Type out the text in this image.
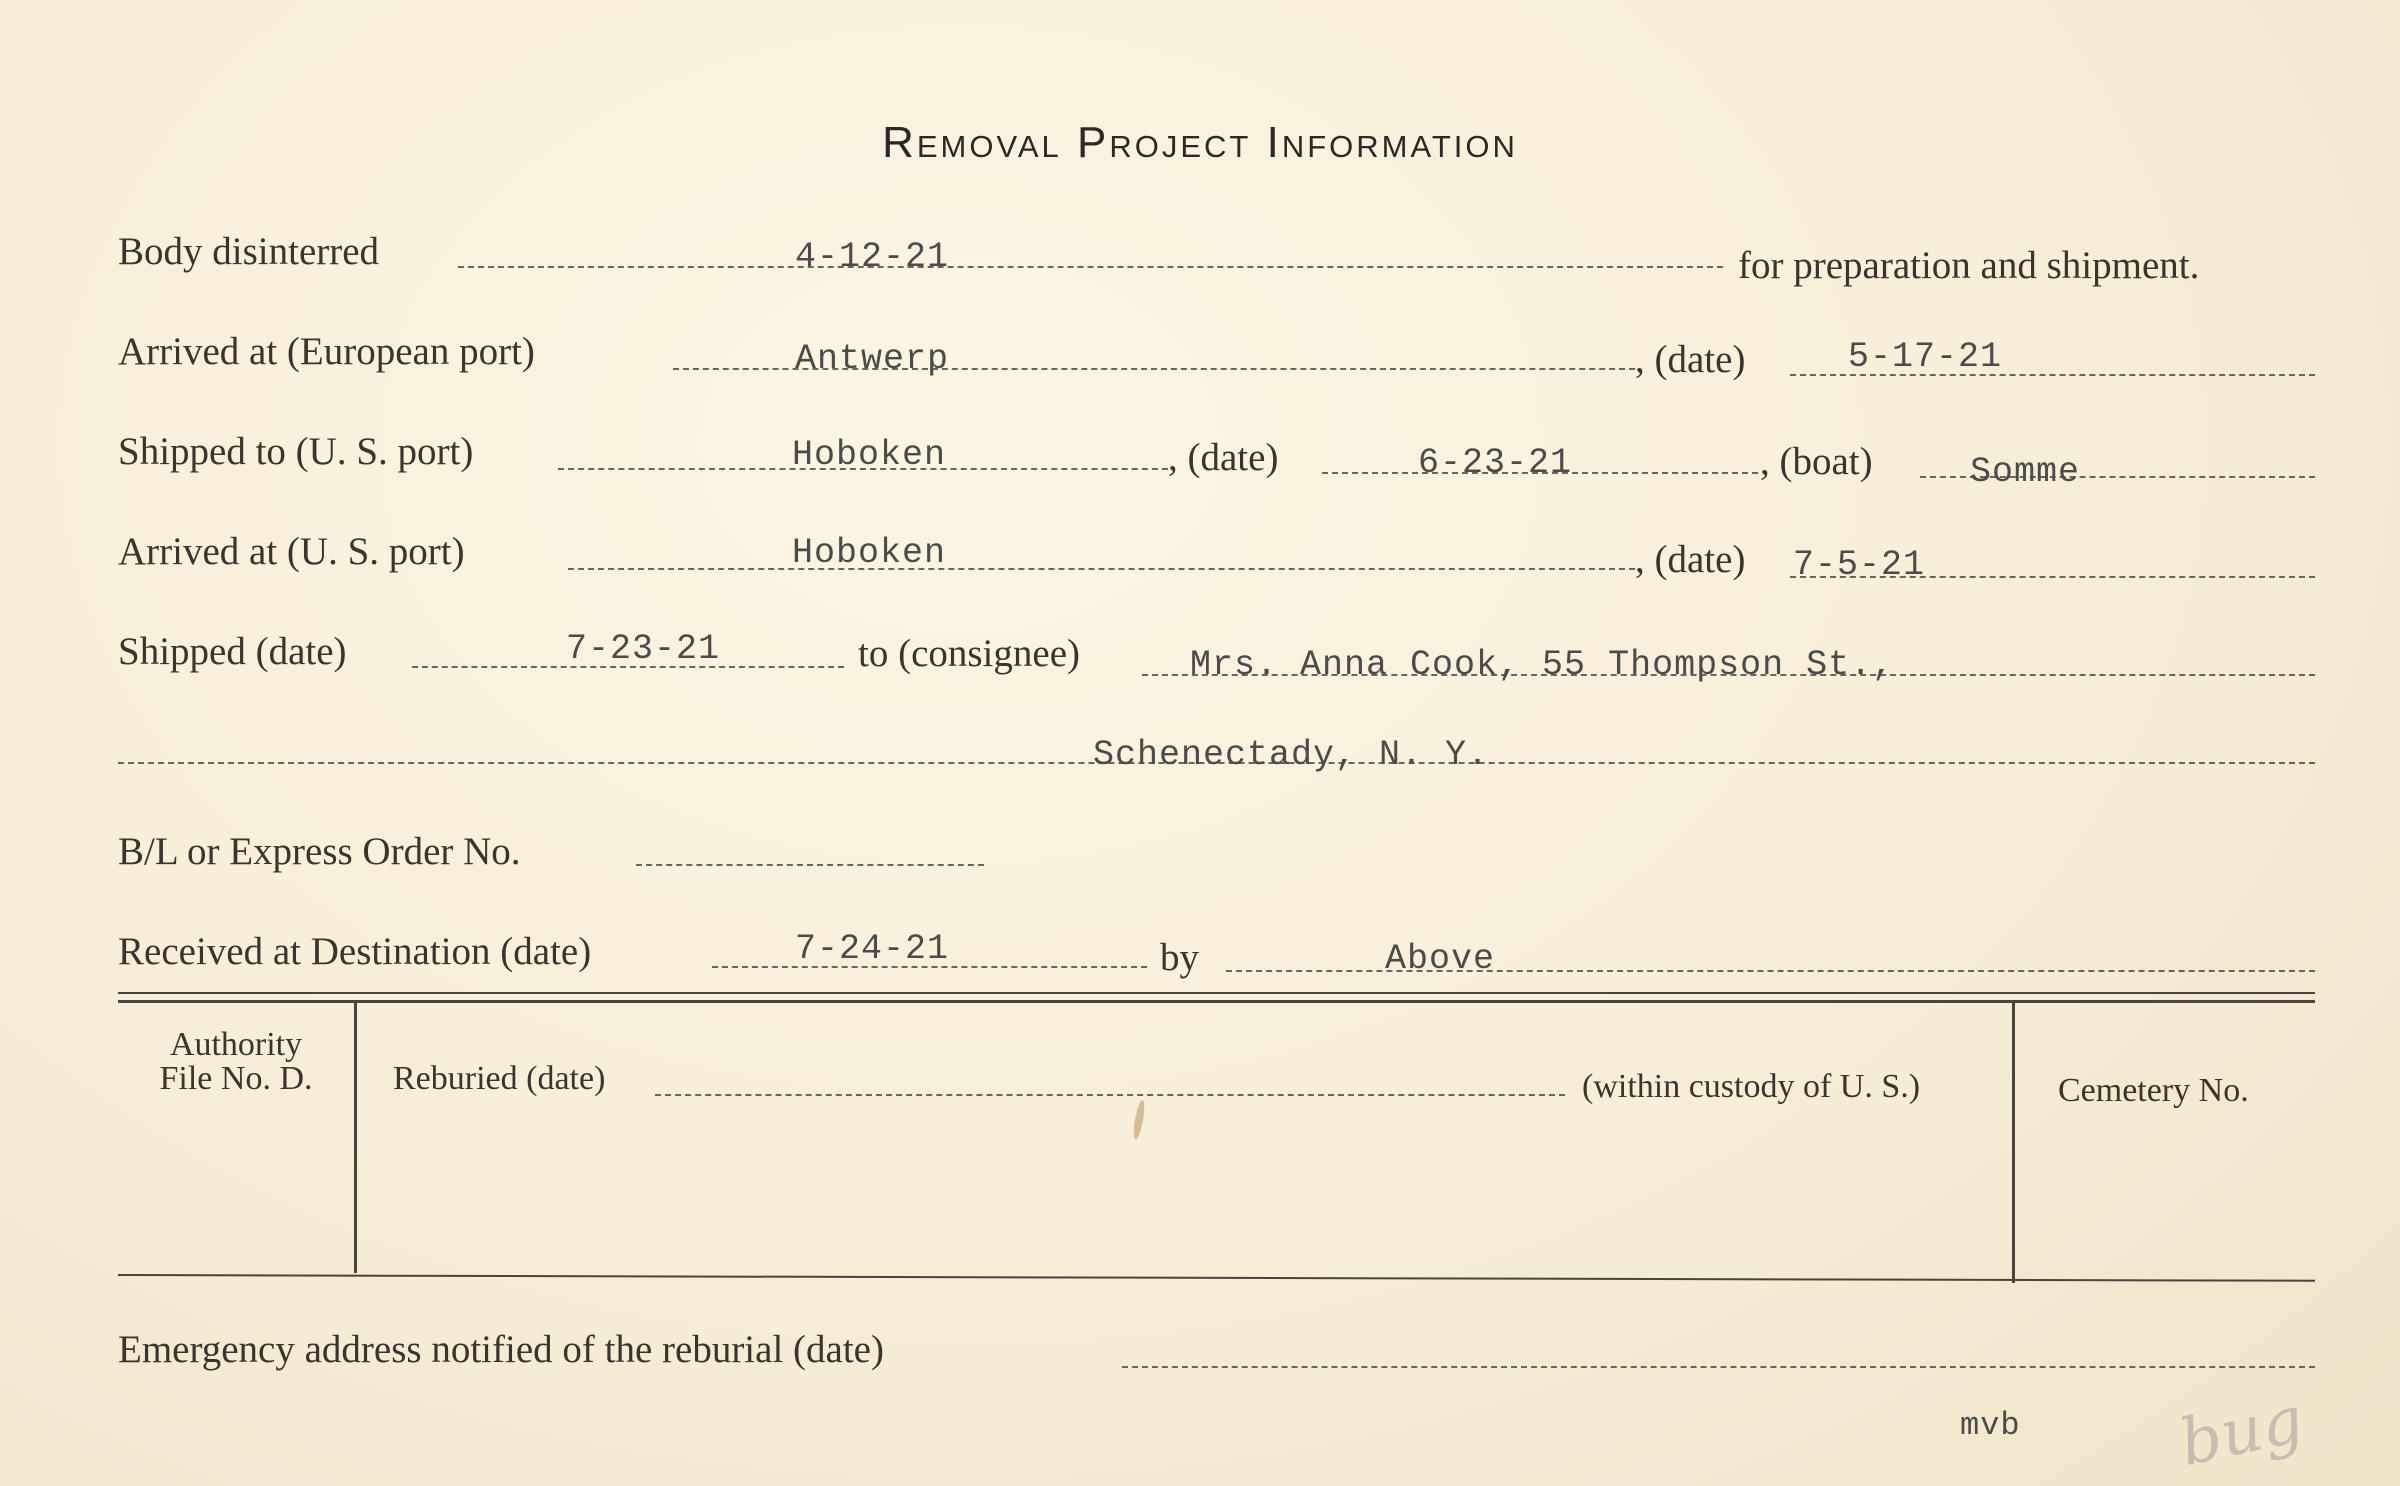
Removal Project Information
Body disinterred	4-12-21	for preparation and shipment.
Arrived at (European port)	Antwerp	, (date)	5-17-21
Shipped to (U. S. port)	Hoboken	, (date)	6-23-21	, (boat)	Somme
Arrived at (U. S. port)	Hoboken	, (date) 7-5-21
Shipped (date)	7-23-21	to (consignee)	Mrs. Anna Cook, 55 Thompson St.,
Schenectady, N. Y.
B/L or Express Order No.
Received at Destination (date)	7-24-21	by	Above
Authority
File No. D.	Reburied (date)	(within custody of U. S.)	Cemetery No.
Emergency address notified of the reburial (date)
mvb bug
